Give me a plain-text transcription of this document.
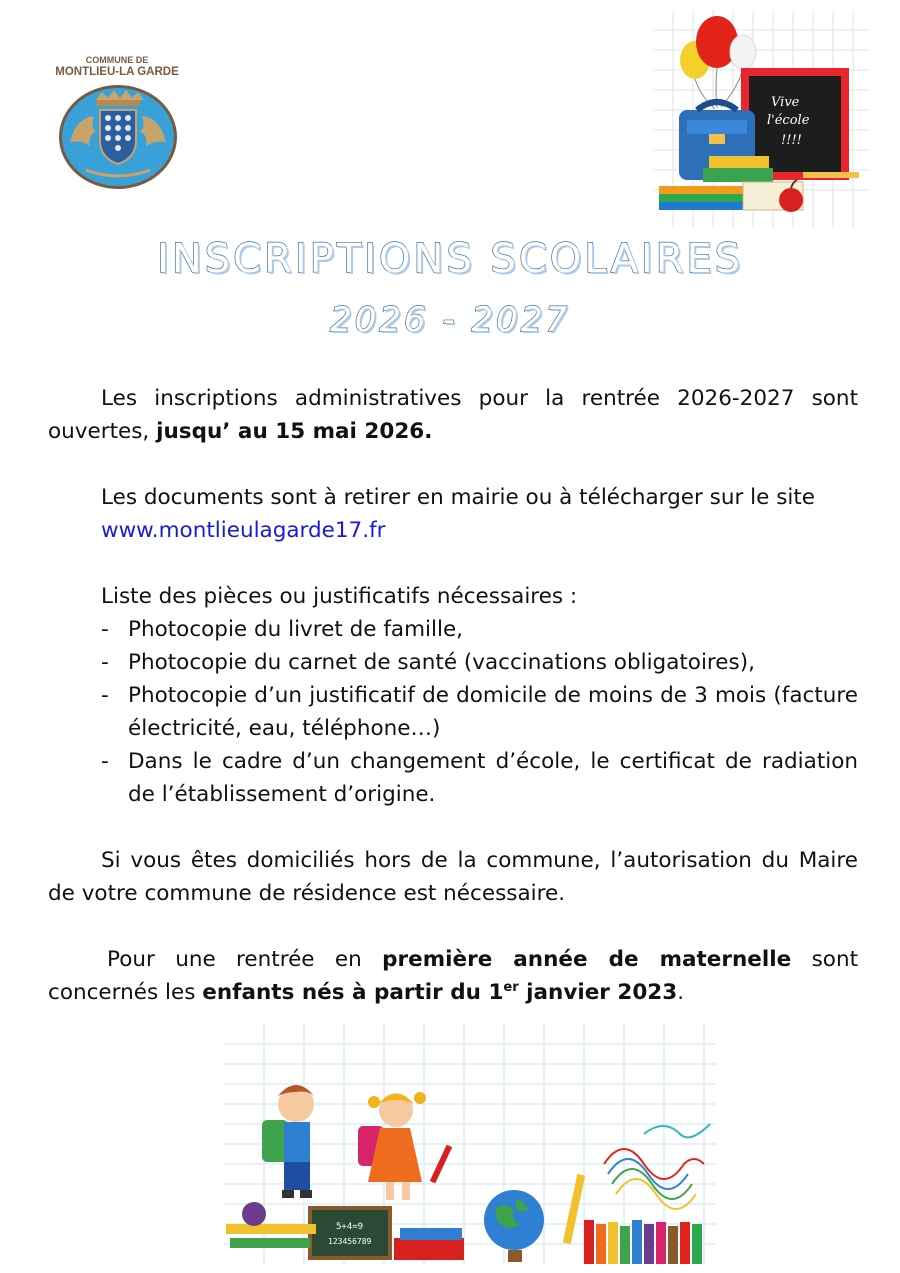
COMMUNE DE
MONTLIEU-LA GARDE
Vive
l'école
!!!!
INSCRIPTIONS SCOLAIRES
2026 - 2027

Les inscriptions administratives pour la rentrée 2026-2027 sont ouvertes, jusqu’ au 15 mai 2026.

Les documents sont à retirer en mairie ou à télécharger sur le site

www.montlieulagarde17.fr

Liste des pièces ou justificatifs nécessaires :

- Photocopie du livret de famille,
- Photocopie du carnet de santé (vaccinations obligatoires),
- Photocopie d’un justificatif de domicile de moins de 3 mois (facture électricité, eau, téléphone…)
- Dans le cadre d’un changement d’école, le certificat de radiation de l’établissement d’origine.

Si vous êtes domiciliés hors de la commune, l’autorisation du Maire de votre commune de résidence est nécessaire.

Pour une rentrée en première année de maternelle sont concernés les enfants nés à partir du 1er janvier 2023.

5+4=9
123456789
